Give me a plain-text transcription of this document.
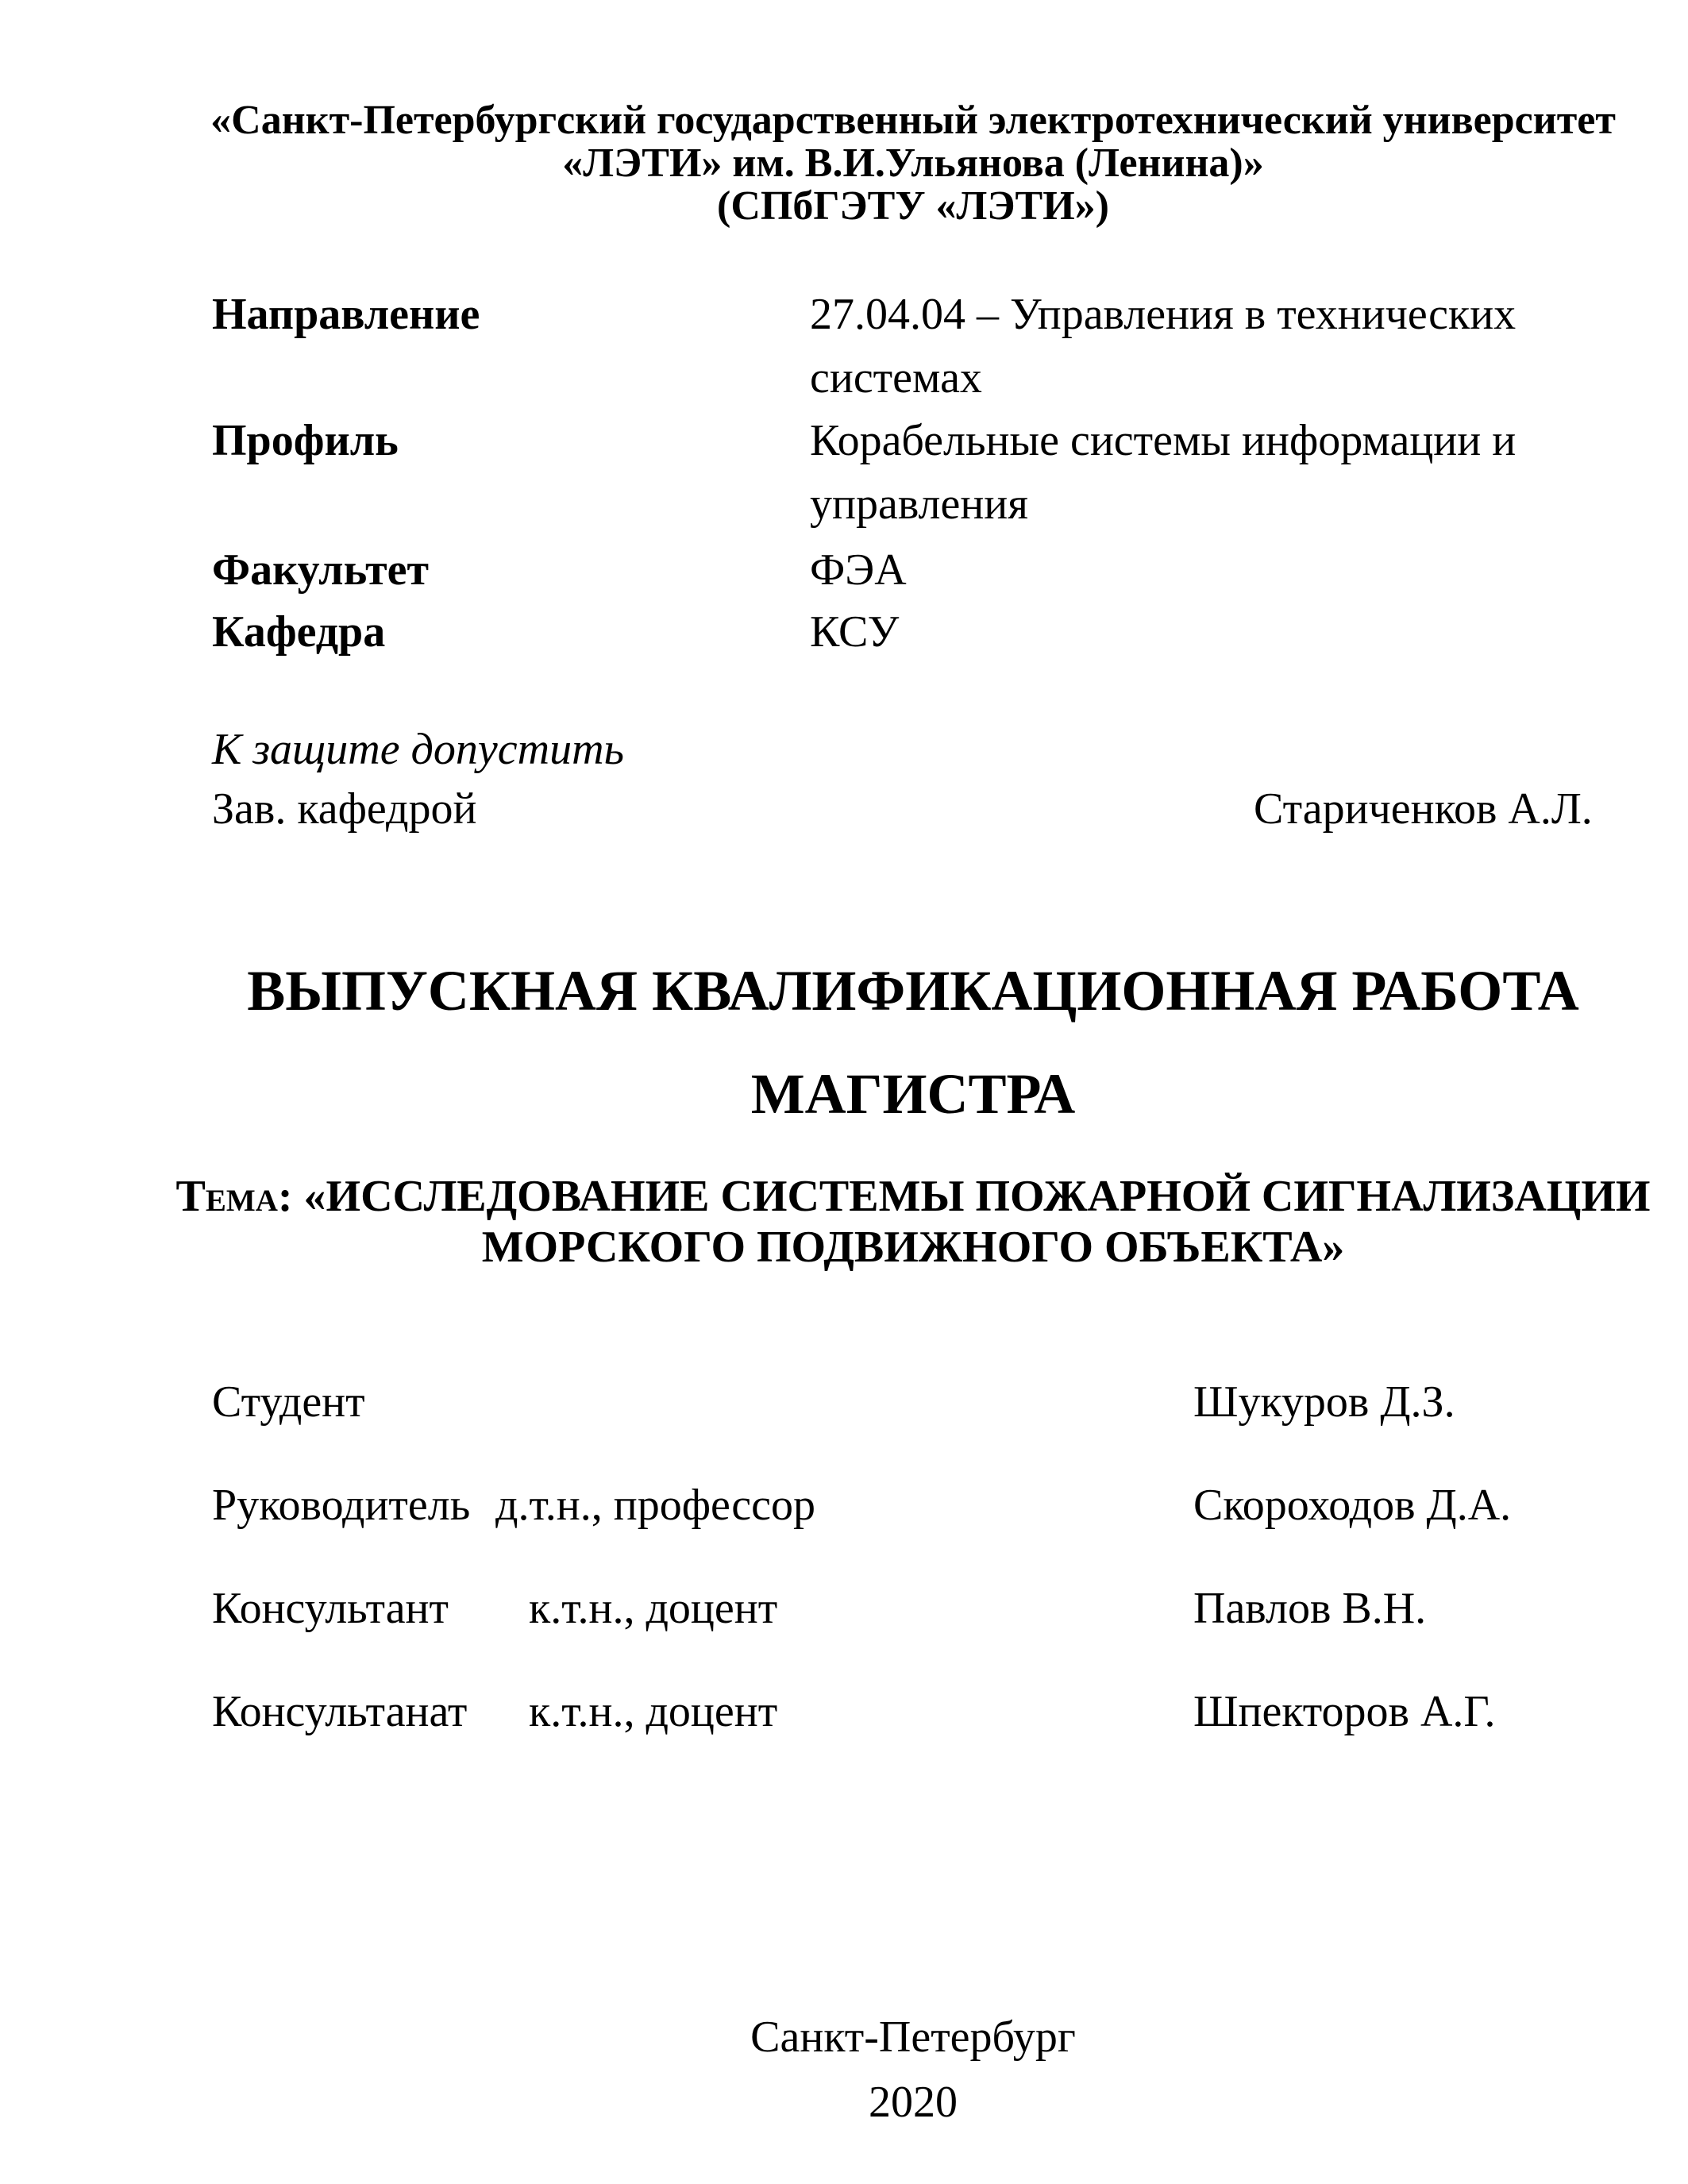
«Санкт-Петербургский государственный электротехнический университет
«ЛЭТИ» им. В.И.Ульянова (Ленина)»
(СПбГЭТУ «ЛЭТИ»)
Направление	27.04.04 – Управления в технических
системах
Профиль	Корабельные системы информации и
управления
Факультет	ФЭА
Кафедра	КСУ
К защите допустить
Зав. кафедрой	Стариченков А.Л.
ВЫПУСКНАЯ КВАЛИФИКАЦИОННАЯ РАБОТА
МАГИСТРА
Тема: «ИССЛЕДОВАНИЕ СИСТЕМЫ ПОЖАРНОЙ СИГНАЛИЗАЦИИ
МОРСКОГО ПОДВИЖНОГО ОБЪЕКТА»
Студент	Шукуров Д.З.
Руководитель д.т.н., профессор	Скороходов Д.А.
Консультант к.т.н., доцент	Павлов В.Н.
Консультанат к.т.н., доцент	Шпекторов А.Г.
Санкт-Петербург
2020
